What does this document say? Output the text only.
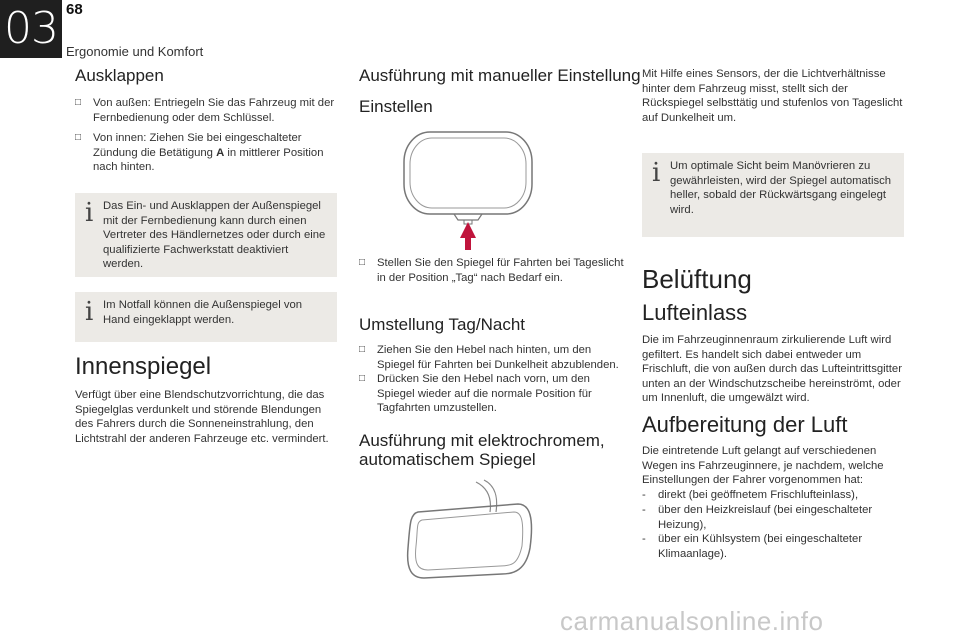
03 68
Ergonomie und Komfort
Ausklappen
□	Von außen: Entriegeln Sie das Fahrzeug mit der Fernbedienung oder dem Schlüssel.
□	Von innen: Ziehen Sie bei eingeschalteter Zündung die Betätigung A in mittlerer Position nach hinten.
i Das Ein- und Ausklappen der Außenspiegel mit der Fernbedienung kann durch einen Vertreter des Händlernetzes oder durch eine qualifizierte Fachwerkstatt deaktiviert werden.
i Im Notfall können die Außenspiegel von Hand eingeklappt werden.
Innenspiegel
Verfügt über eine Blendschutzvorrichtung, die das Spiegelglas verdunkelt und störende Blendungen des Fahrers durch die Sonneneinstrahlung, den Lichtstrahl der anderen Fahrzeuge etc. vermindert.
Ausführung mit manueller Einstellung
Einstellen
□	Stellen Sie den Spiegel für Fahrten bei Tageslicht in der Position „Tag“ nach Bedarf ein.
Umstellung Tag/Nacht
□	Ziehen Sie den Hebel nach hinten, um den Spiegel für Fahrten bei Dunkelheit abzublenden.
□	Drücken Sie den Hebel nach vorn, um den Spiegel wieder auf die normale Position für Tagfahrten umzustellen.
Ausführung mit elektrochromem,
automatischem Spiegel
Mit Hilfe eines Sensors, der die Lichtverhältnisse hinter dem Fahrzeug misst, stellt sich der Rückspiegel selbsttätig und stufenlos von Tageslicht auf Dunkelheit um.
i Um optimale Sicht beim Manövrieren zu gewährleisten, wird der Spiegel automatisch heller, sobald der Rückwärtsgang eingelegt wird.
Belüftung
Lufteinlass
Die im Fahrzeuginnenraum zirkulierende Luft wird gefiltert. Es handelt sich dabei entweder um Frischluft, die von außen durch das Lufteintrittsgitter unten an der Windschutzscheibe hereinströmt, oder um Innenluft, die umgewälzt wird.
Aufbereitung der Luft
Die eintretende Luft gelangt auf verschiedenen Wegen ins Fahrzeuginnere, je nachdem, welche Einstellungen der Fahrer vorgenommen hat:
-	direkt (bei geöffnetem Frischlufteinlass),
-	über den Heizkreislauf (bei eingeschalteter Heizung),
-	über ein Kühlsystem (bei eingeschalteter Klimaanlage).
carmanualsonline.info
